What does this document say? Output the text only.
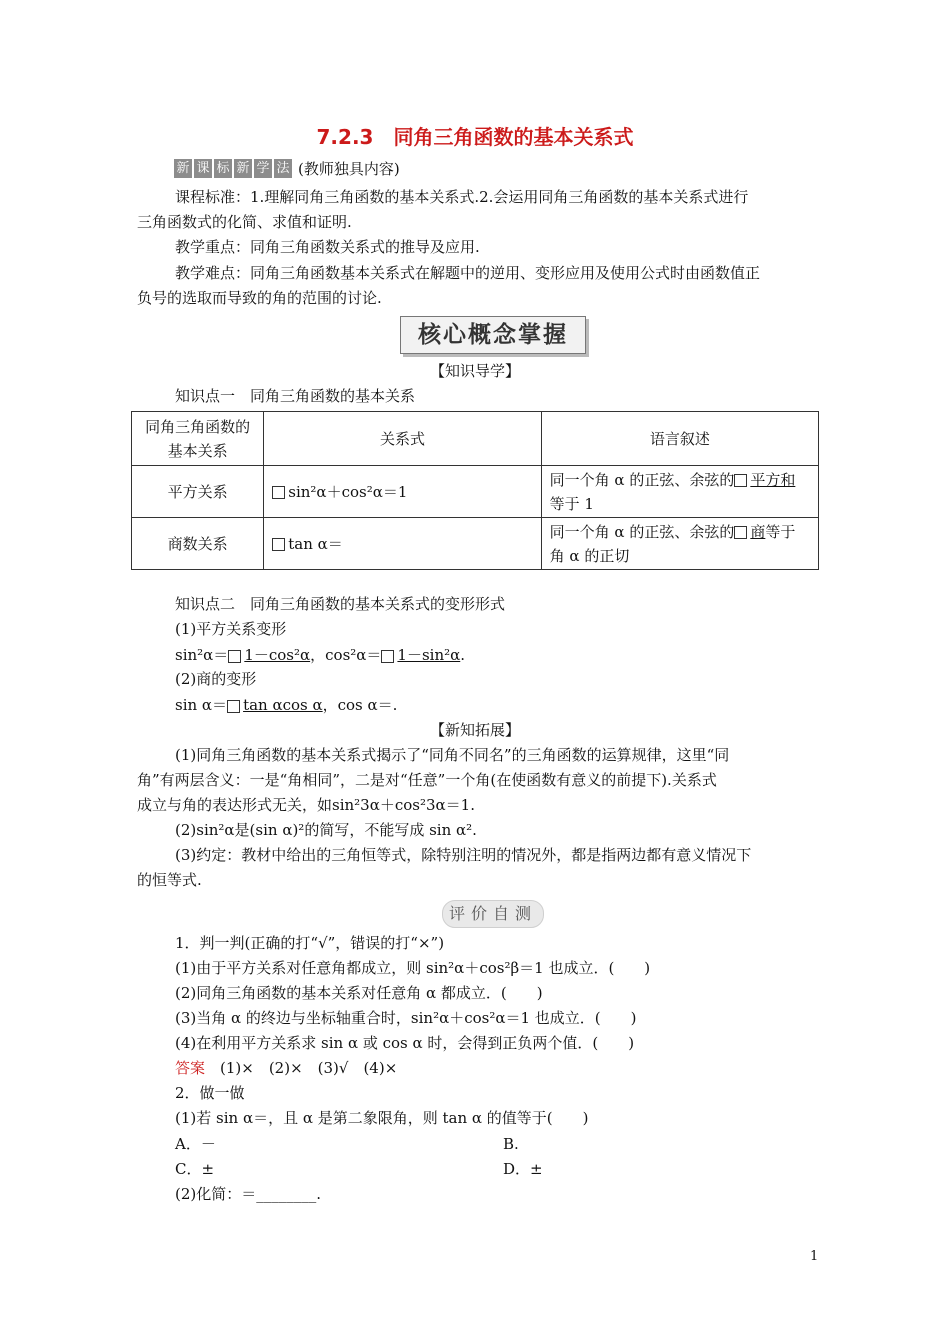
7.2.3　同角三角函数的基本关系式
新 课 标 新 学 法 (教师独具内容)
课程标准：1.理解同角三角函数的基本关系式.2.会运用同角三角函数的基本关系式进行
三角函数式的化简、求值和证明.
教学重点：同角三角函数关系式的推导及应用.
教学难点：同角三角函数基本关系式在解题中的逆用、变形应用及使用公式时由函数值正
负号的选取而导致的角的范围的讨论.
核心概念掌握
【知识导学】
知识点一　同角三角函数的基本关系
同角三角函数的基本关系	关系式	语言叙述
平方关系	sin²α＋cos²α＝1	同一个角 α 的正弦、余弦的 平方和等于 1
商数关系	tan α＝	同一个角 α 的正弦、余弦的 商等于角 α 的正切
知识点二　同角三角函数的基本关系式的变形形式
(1)平方关系变形
sin²α＝ 1－cos²α，cos²α＝ 1－sin²α.
(2)商的变形
sin α＝ tan αcos α，cos α＝.
【新知拓展】
(1)同角三角函数的基本关系式揭示了“同角不同名”的三角函数的运算规律，这里“同
角”有两层含义：一是“角相同”，二是对“任意”一个角(在使函数有意义的前提下).关系式
成立与角的表达形式无关，如sin²3α＋cos²3α＝1.
(2)sin²α是(sin α)²的简写，不能写成 sin α².
(3)约定：教材中给出的三角恒等式，除特别注明的情况外，都是指两边都有意义情况下
的恒等式.
评价自测
1．判一判(正确的打“√”，错误的打“×”)
(1)由于平方关系对任意角都成立，则 sin²α＋cos²β＝1 也成立．(　　)
(2)同角三角函数的基本关系对任意角 α 都成立．(　　)
(3)当角 α 的终边与坐标轴重合时，sin²α＋cos²α＝1 也成立．(　　)
(4)在利用平方关系求 sin α 或 cos α 时，会得到正负两个值．(　　)
答案　(1)×　(2)×　(3)√　(4)×
2．做一做
(1)若 sin α＝，且 α 是第二象限角，则 tan α 的值等于(　　)
A．－	B.
C．±	D．±
(2)化简：＝________.
1
